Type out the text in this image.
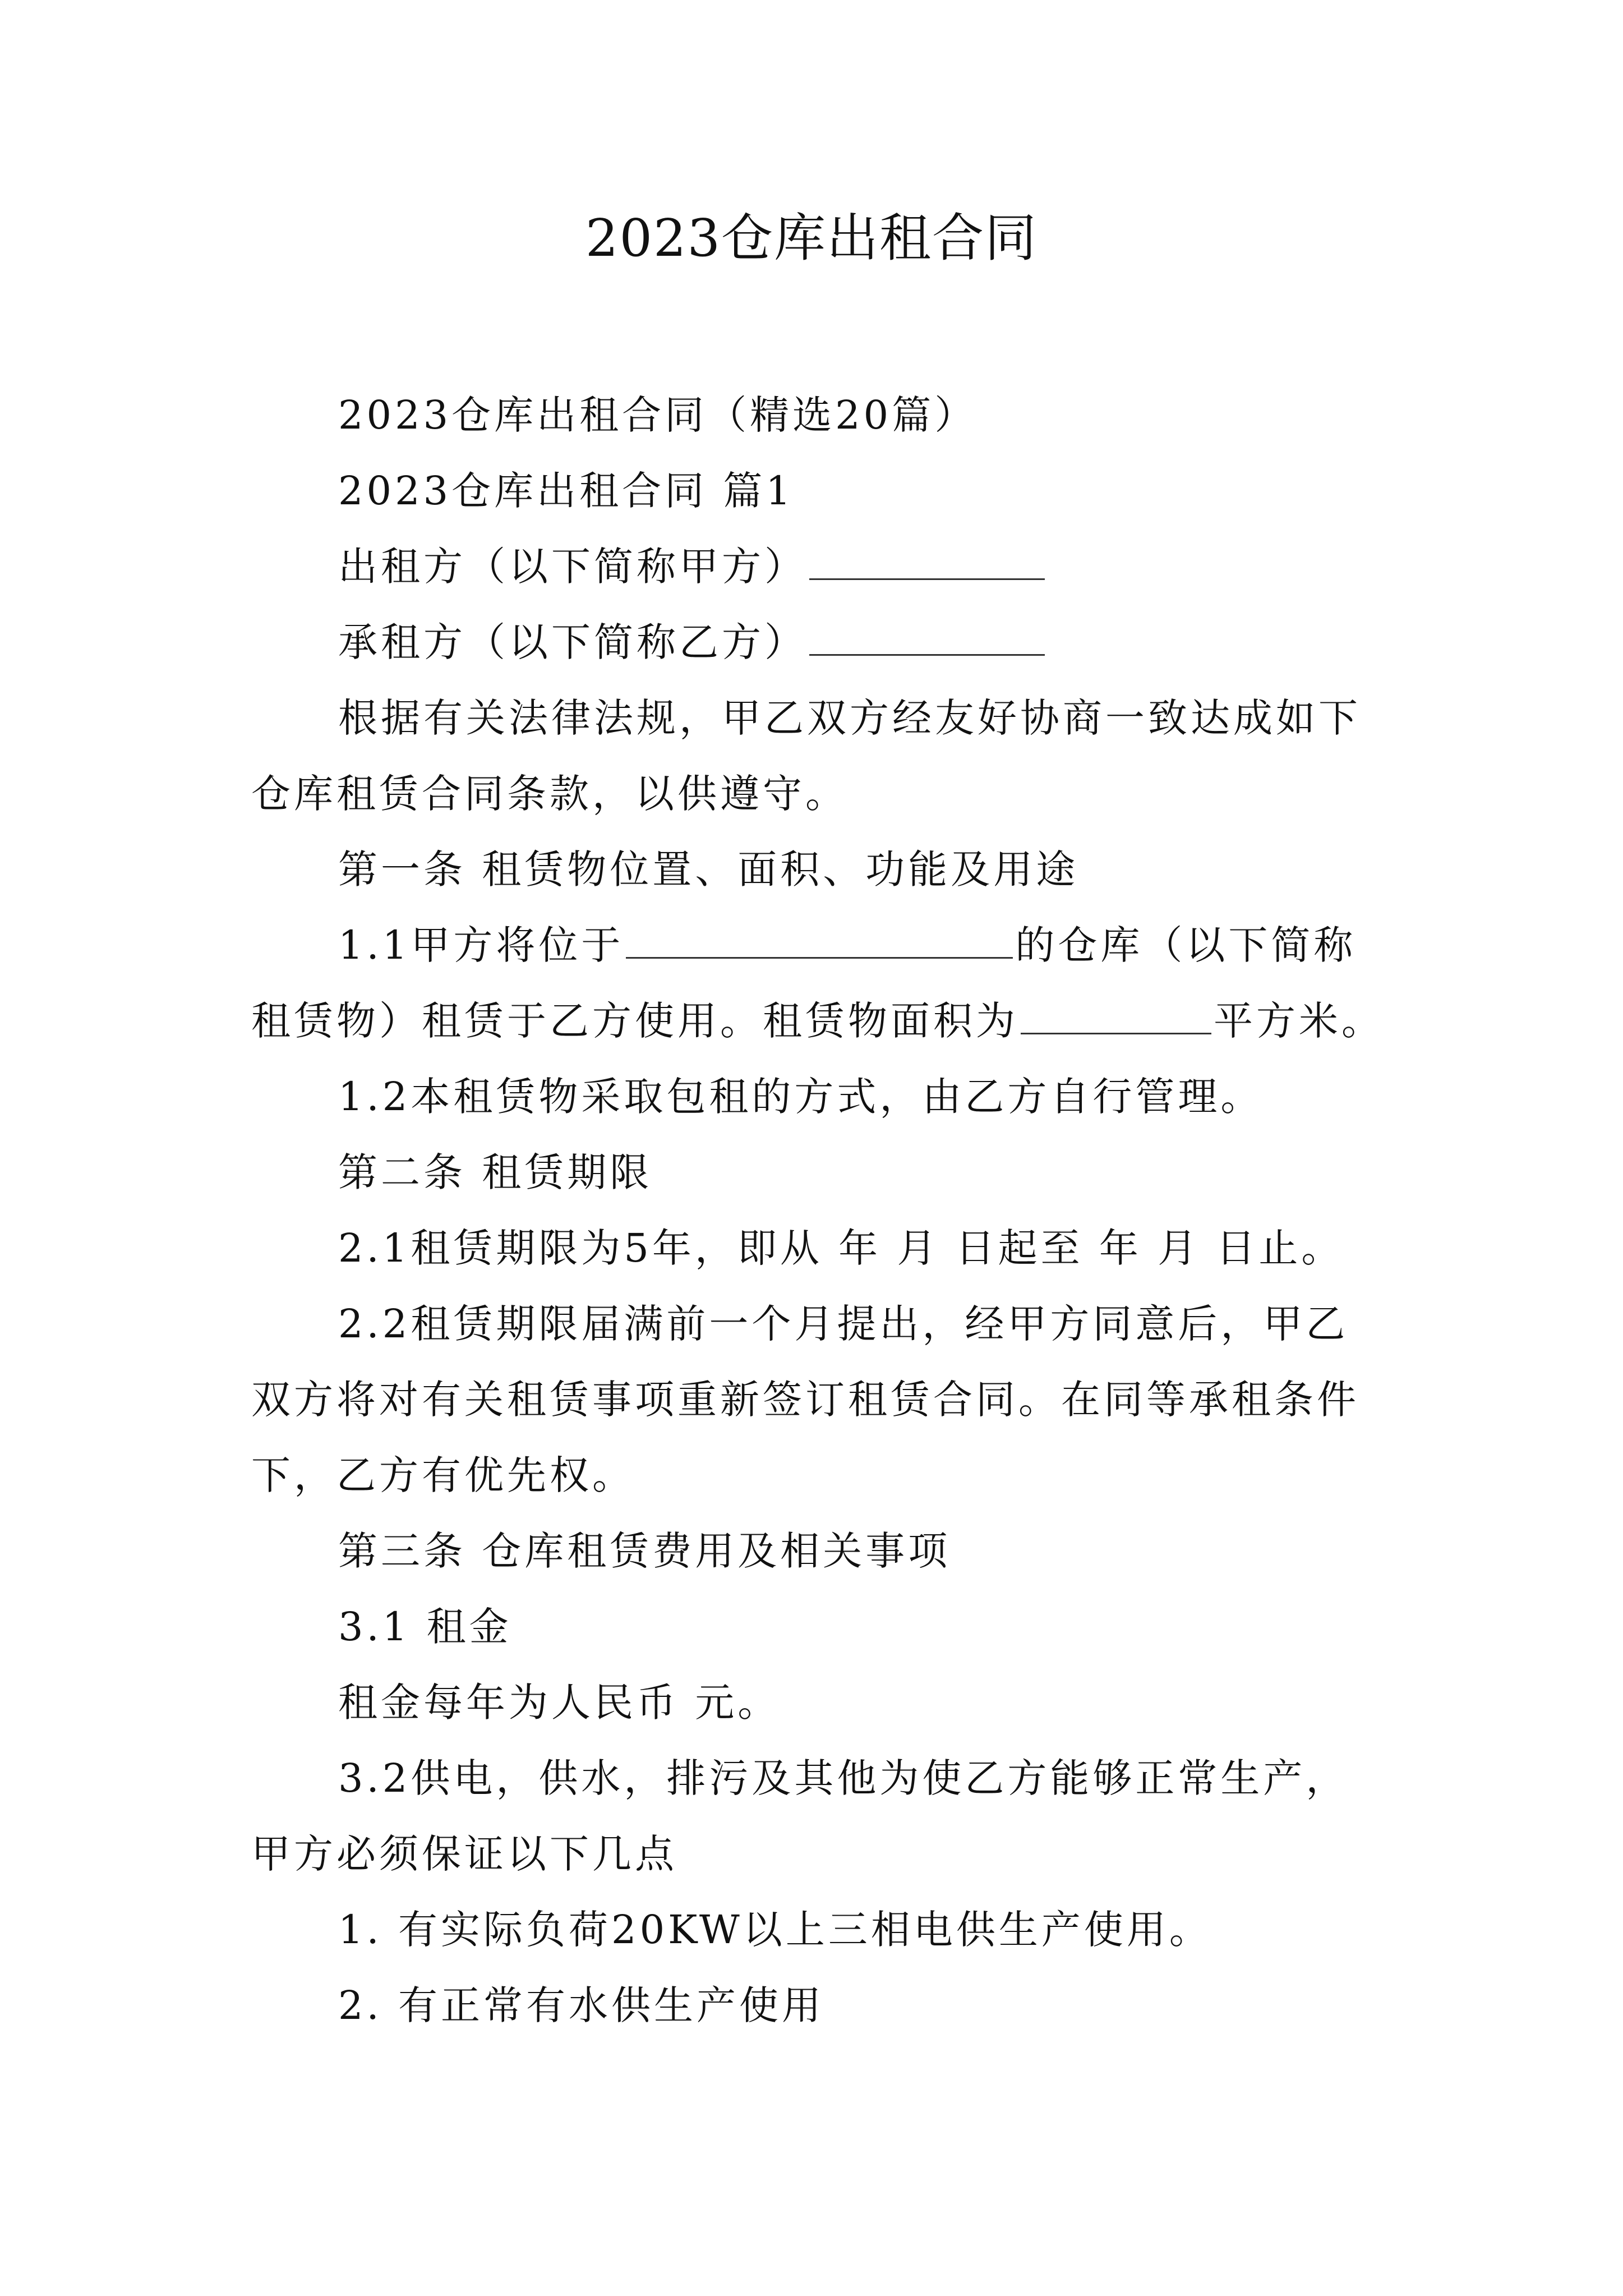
2023仓库出租合同
2023仓库出租合同（精选20篇）
2023仓库出租合同 篇1
出租方（以下简称甲方）
承租方（以下简称乙方）
根据有关法律法规，甲乙双方经友好协商一致达成如下
仓库租赁合同条款，以供遵守。
第一条 租赁物位置、面积、功能及用途
1.1甲方将位于	的仓库（以下简称
租赁物）租赁于乙方使用。租赁物面积为	平方米。
1.2本租赁物采取包租的方式，由乙方自行管理。
第二条 租赁期限
2.1租赁期限为5年，即从 年 月 日起至 年 月 日止。
2.2租赁期限届满前一个月提出，经甲方同意后，甲乙
双方将对有关租赁事项重新签订租赁合同。在同等承租条件
下，乙方有优先权。
第三条 仓库租赁费用及相关事项
3.1 租金
租金每年为人民币 元。
3.2供电，供水，排污及其他为使乙方能够正常生产，
甲方必须保证以下几点
1. 有实际负荷20KW以上三相电供生产使用。
2. 有正常有水供生产使用
